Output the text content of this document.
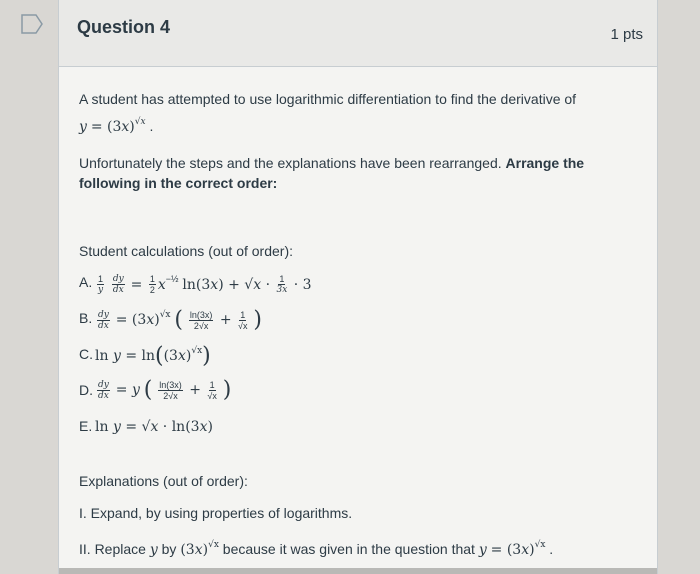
Question 4	1 pts

A student has attempted to use logarithmic differentiation to find the derivative of

$y = (3x)^{√x}$ .

Unfortunately the steps and the explanations have been rearranged. Arrange the following in the correct order:

Student calculations (out of order):

A. $\frac{1}{y}$
$\frac{dy}{dx} = \frac{1}{2} x^{-\frac{1}{2}}$ $\ln(3x) + √x \cdot \frac{1}{3x} \cdot 3$
B. $\frac{dy}{dx} = (3x)^{√x}$ ( $\frac{\ln(3x)}{2√x} + \frac{1}{√x}$ )
C. $\ln y = \ln((3x)^{√x})$
D. $\frac{dy}{dx} = y$ ( $\frac{\ln(3x)}{2√x} + \frac{1}{√x}$ )
E. ln y = √x · ln(3x)

Explanations (out of order):

I. Expand, by using properties of logarithms.

II. Replace y by $(3x)^{√x}$ because it was given in the question that $y = (3x)^{√x}$ .
